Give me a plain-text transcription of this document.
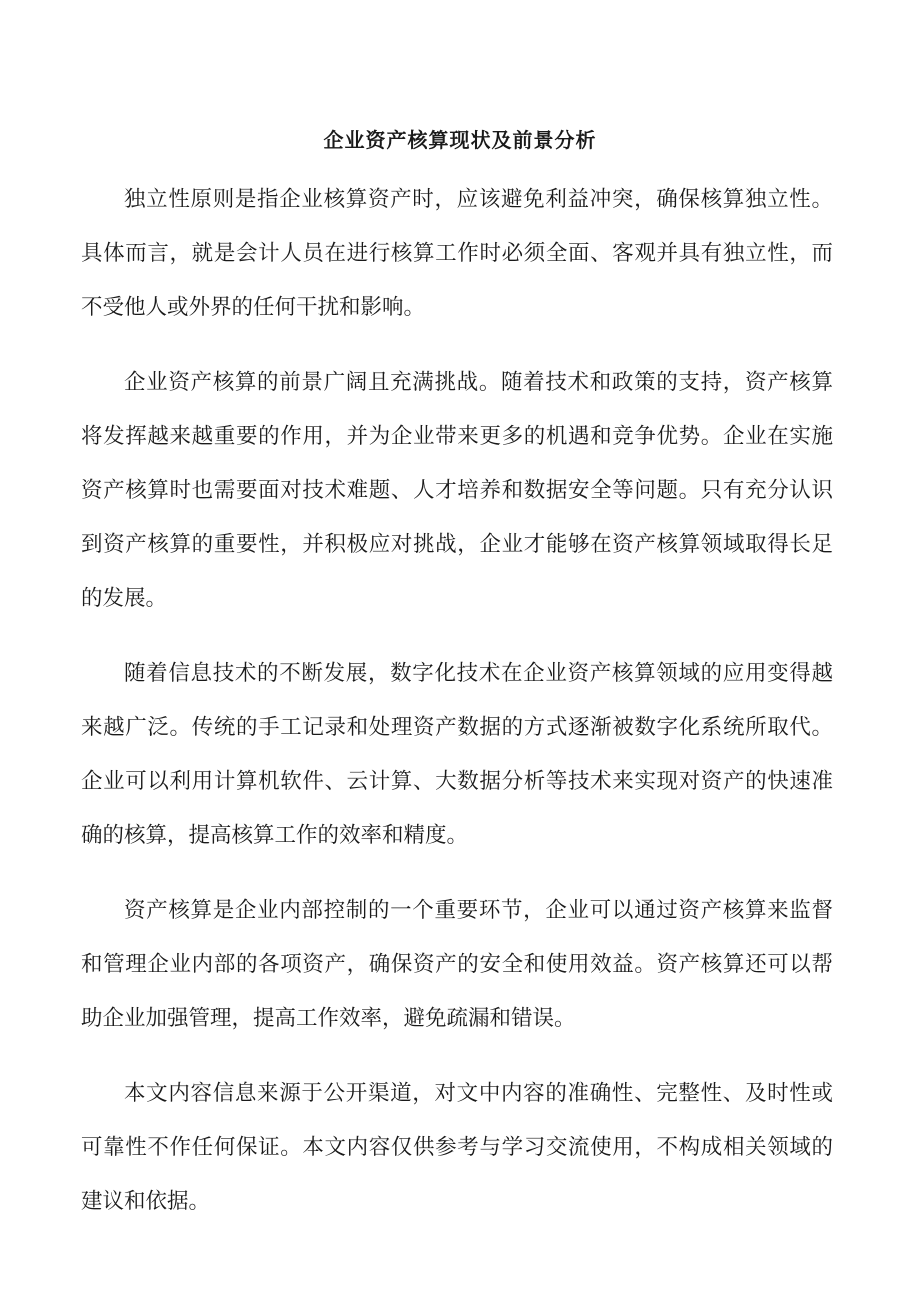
企业资产核算现状及前景分析

独立性原则是指企业核算资产时，应该避免利益冲突，确保核算独立性。具体而言，就是会计人员在进行核算工作时必须全面、客观并具有独立性，而不受他人或外界的任何干扰和影响。

企业资产核算的前景广阔且充满挑战。随着技术和政策的支持，资产核算将发挥越来越重要的作用，并为企业带来更多的机遇和竞争优势。企业在实施资产核算时也需要面对技术难题、人才培养和数据安全等问题。只有充分认识到资产核算的重要性，并积极应对挑战，企业才能够在资产核算领域取得长足的发展。

随着信息技术的不断发展，数字化技术在企业资产核算领域的应用变得越来越广泛。传统的手工记录和处理资产数据的方式逐渐被数字化系统所取代。企业可以利用计算机软件、云计算、大数据分析等技术来实现对资产的快速准确的核算，提高核算工作的效率和精度。

资产核算是企业内部控制的一个重要环节，企业可以通过资产核算来监督和管理企业内部的各项资产，确保资产的安全和使用效益。资产核算还可以帮助企业加强管理，提高工作效率，避免疏漏和错误。

本文内容信息来源于公开渠道，对文中内容的准确性、完整性、及时性或可靠性不作任何保证。本文内容仅供参考与学习交流使用，不构成相关领域的建议和依据。
